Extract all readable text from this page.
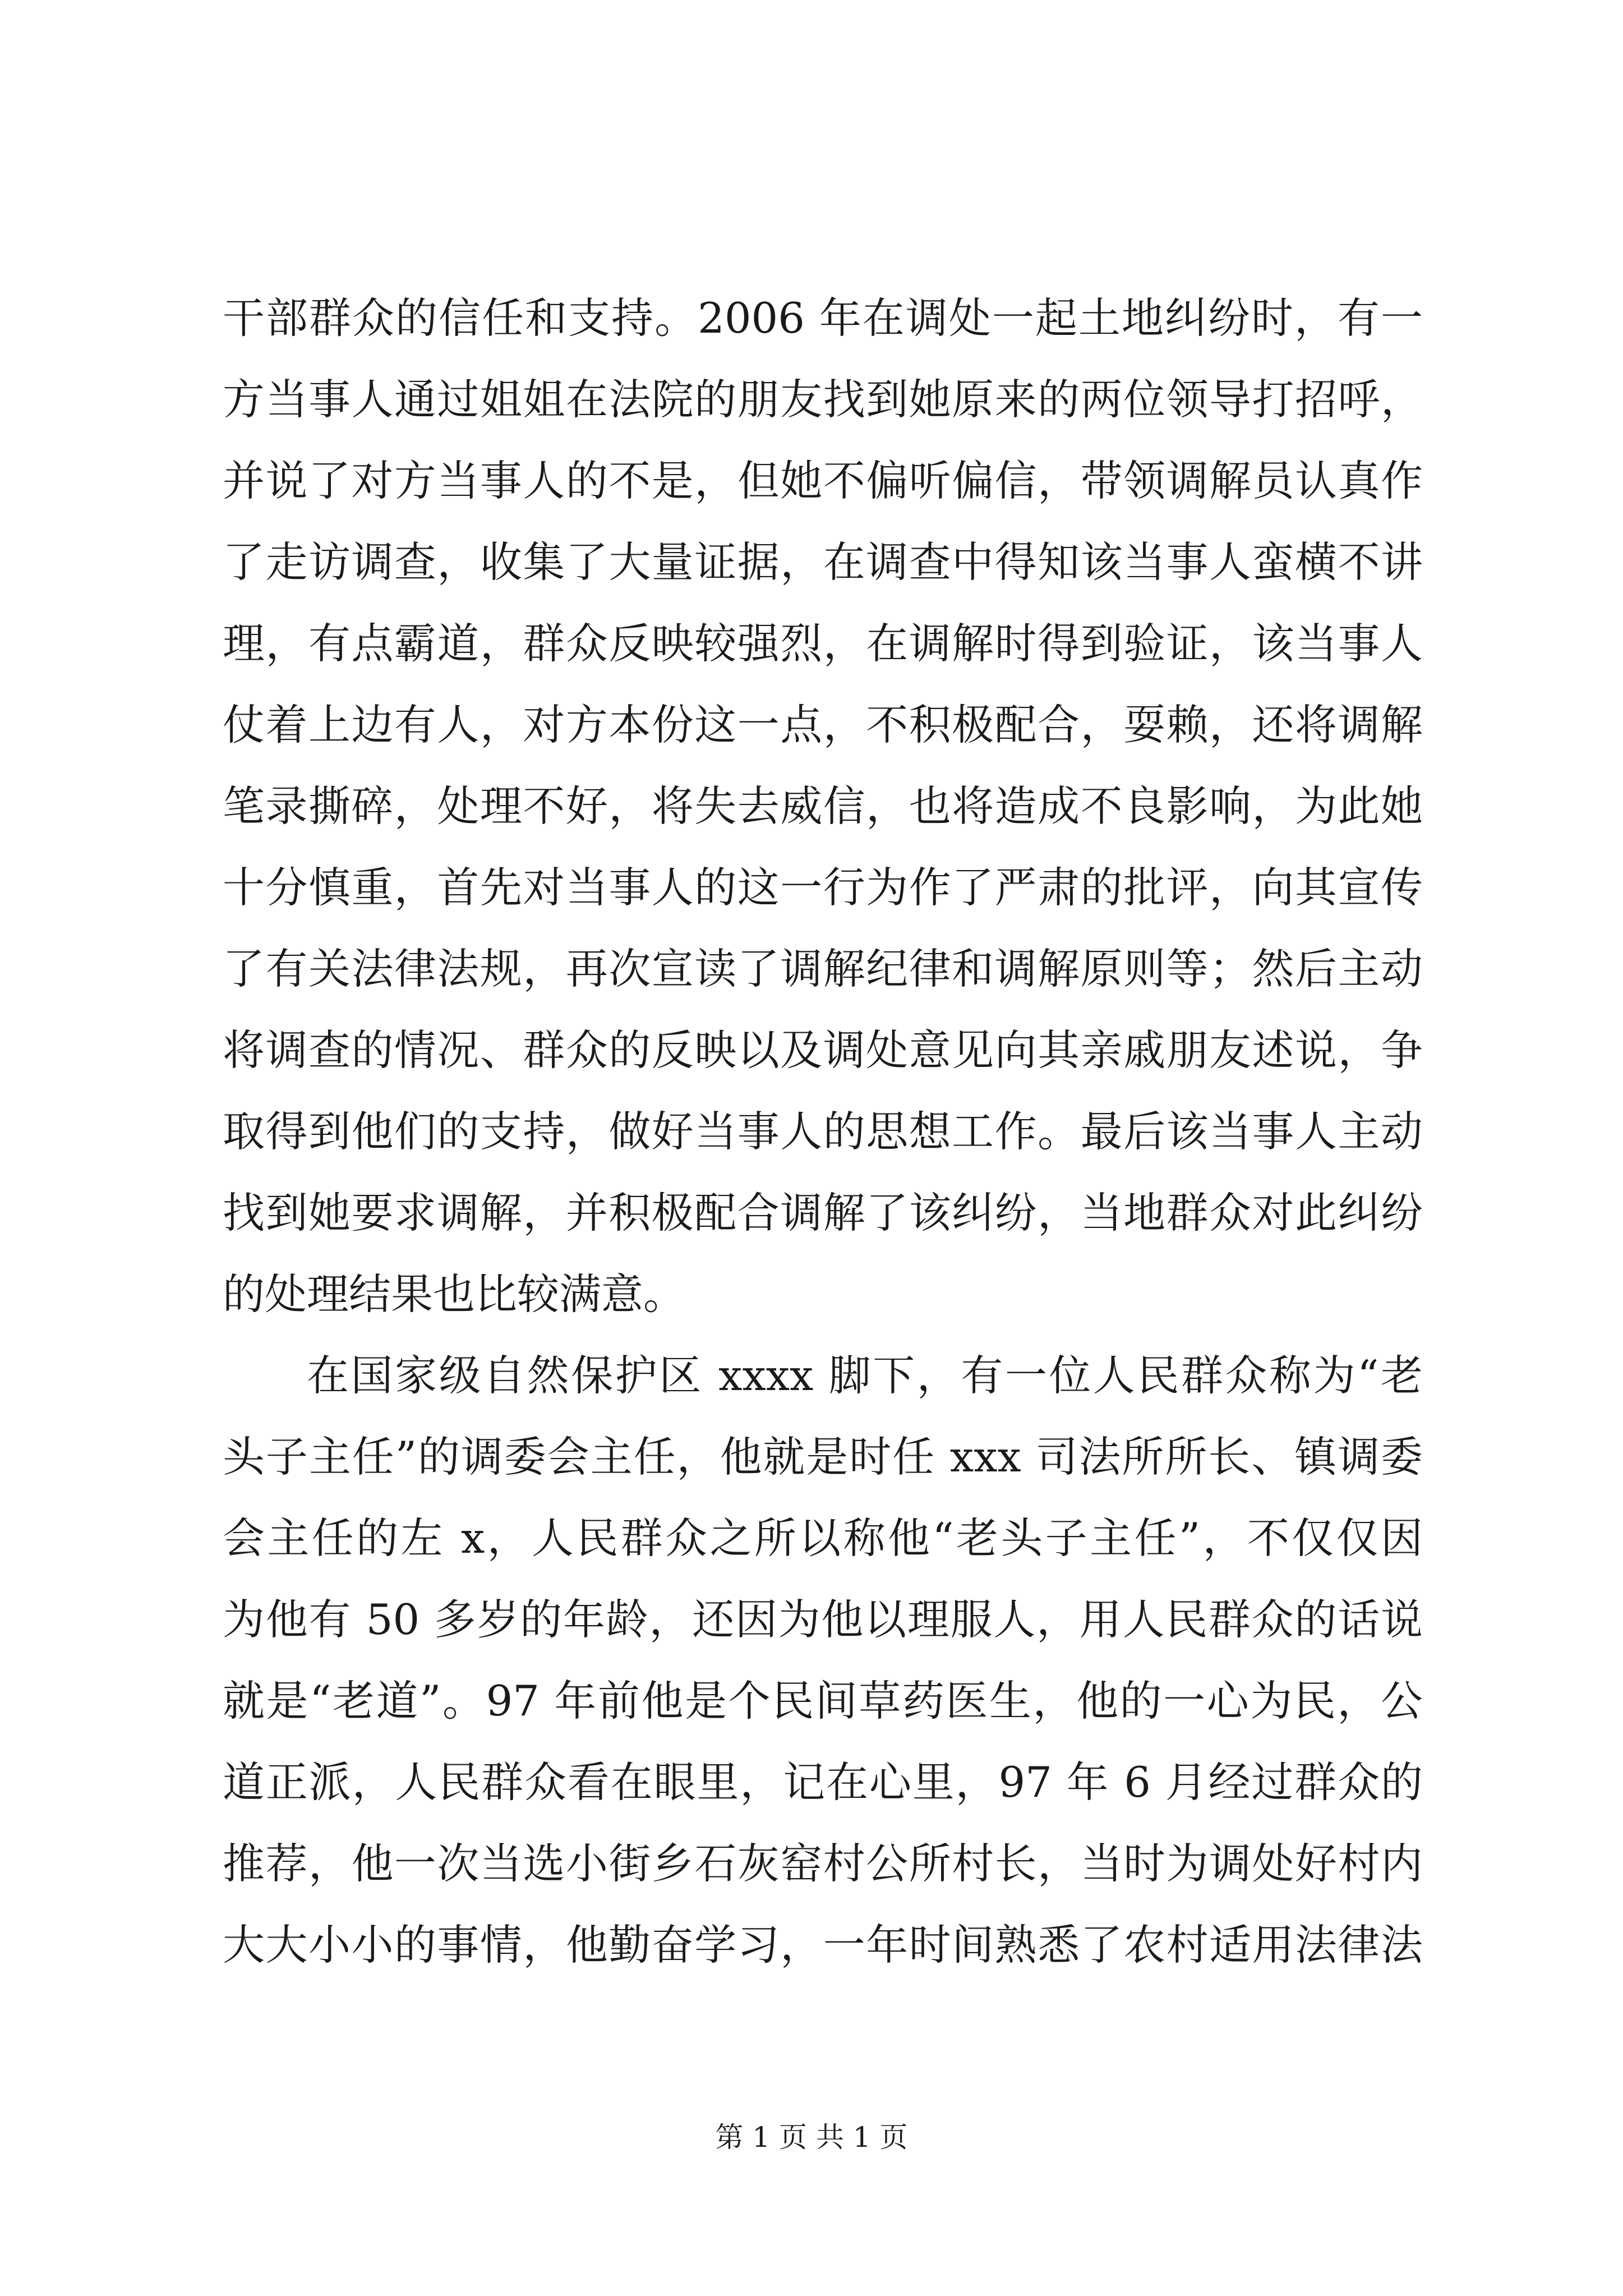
干部群众的信任和支持。2006 年在调处一起土地纠纷时，有一
方当事人通过姐姐在法院的朋友找到她原来的两位领导打招呼，
并说了对方当事人的不是，但她不偏听偏信，带领调解员认真作
了走访调查，收集了大量证据，在调查中得知该当事人蛮横不讲
理，有点霸道，群众反映较强烈，在调解时得到验证，该当事人
仗着上边有人，对方本份这一点，不积极配合，耍赖，还将调解
笔录撕碎，处理不好，将失去威信，也将造成不良影响，为此她
十分慎重，首先对当事人的这一行为作了严肃的批评，向其宣传
了有关法律法规，再次宣读了调解纪律和调解原则等；然后主动
将调查的情况、群众的反映以及调处意见向其亲戚朋友述说，争
取得到他们的支持，做好当事人的思想工作。最后该当事人主动
找到她要求调解，并积极配合调解了该纠纷，当地群众对此纠纷
的处理结果也比较满意。
在国家级自然保护区 xxxx 脚下，有一位人民群众称为“老
头子主任”的调委会主任，他就是时任 xxx 司法所所长、镇调委
会主任的左 x，人民群众之所以称他“老头子主任”，不仅仅因
为他有 50 多岁的年龄，还因为他以理服人，用人民群众的话说
就是“老道”。97 年前他是个民间草药医生，他的一心为民，公
道正派，人民群众看在眼里，记在心里，97 年 6 月经过群众的
推荐，他一次当选小街乡石灰窑村公所村长，当时为调处好村内
大大小小的事情，他勤奋学习，一年时间熟悉了农村适用法律法
第 1 页 共 1 页
